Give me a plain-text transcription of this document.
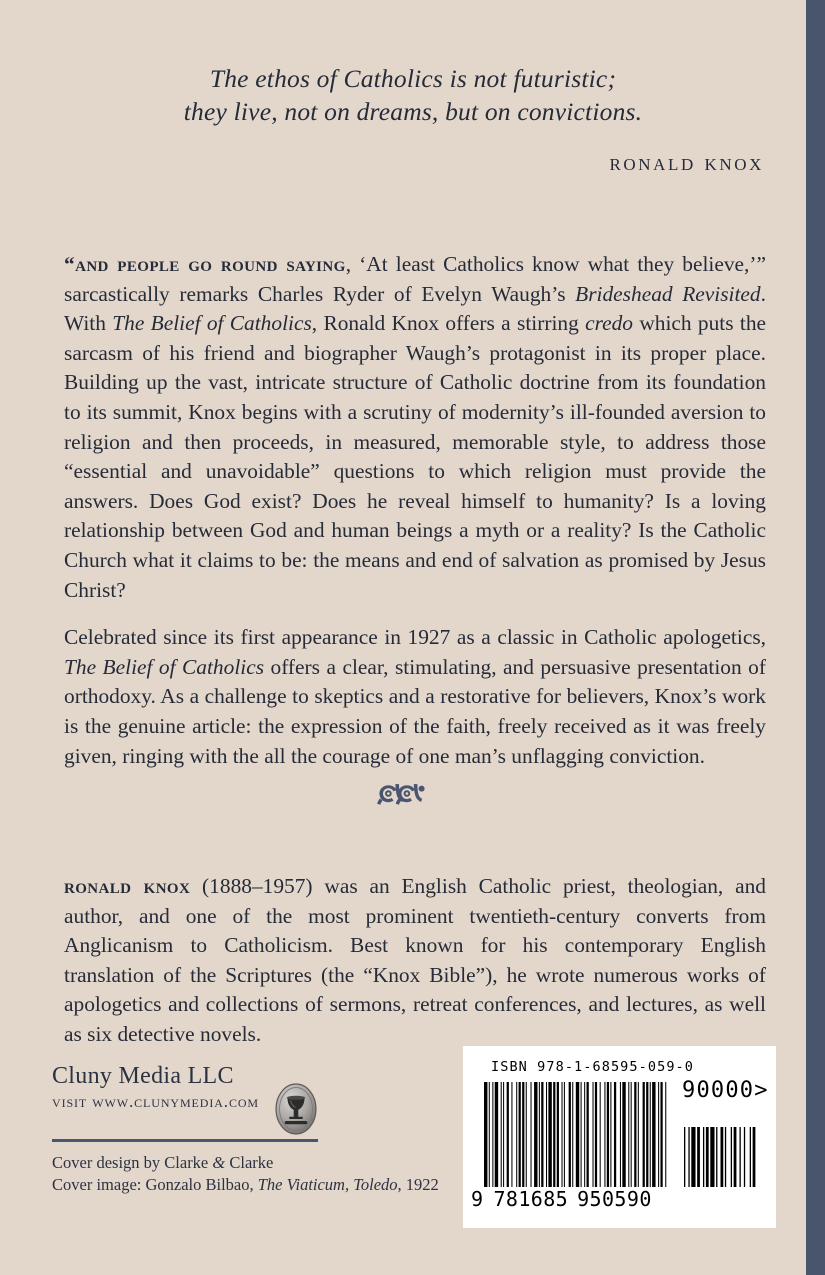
The ethos of Catholics is not futuristic;
they live, not on dreams, but on convictions.
ronald knox

“and people go round saying, ‘At least Catholics know what they believe,’” sarcastically remarks Charles Ryder of Evelyn Waugh’s Brideshead Revisited. With The Belief of Catholics, Ronald Knox offers a stirring credo which puts the sarcasm of his friend and biographer Waugh’s protagonist in its proper place. Building up the vast, intricate structure of Catholic doctrine from its foundation to its summit, Knox begins with a scrutiny of modernity’s ill-founded aversion to religion and then proceeds, in measured, memorable style, to address those “essential and unavoidable” questions to which religion must provide the answers. Does God exist? Does he reveal himself to humanity? Is a loving relationship between God and human beings a myth or a reality? Is the Catholic Church what it claims to be: the means and end of salvation as promised by Jesus Christ?

Celebrated since its first appearance in 1927 as a classic in Catholic apologetics, The Belief of Catholics offers a clear, stimulating, and persuasive presentation of orthodoxy. As a challenge to skeptics and a restorative for believers, Knox’s work is the genuine article: the expression of the faith, freely received as it was freely given, ringing with the all the courage of one man’s unflagging conviction.

ronald knox (1888–1957) was an English Catholic priest, theologian, and author, and one of the most prominent twentieth-century converts from Anglicanism to Catholicism. Best known for his contemporary English translation of the Scriptures (the “Knox Bible”), he wrote numerous works of apologetics and collections of sermons, retreat conferences, and lectures, as well as six detective novels.

Cluny Media LLC
visit www.clunymedia.com
Cover design by Clarke & Clarke
Cover image: Gonzalo Bilbao, The Viaticum, Toledo, 1922
ISBN 978-1-68595-059-0
90000>
9 781685 950590
